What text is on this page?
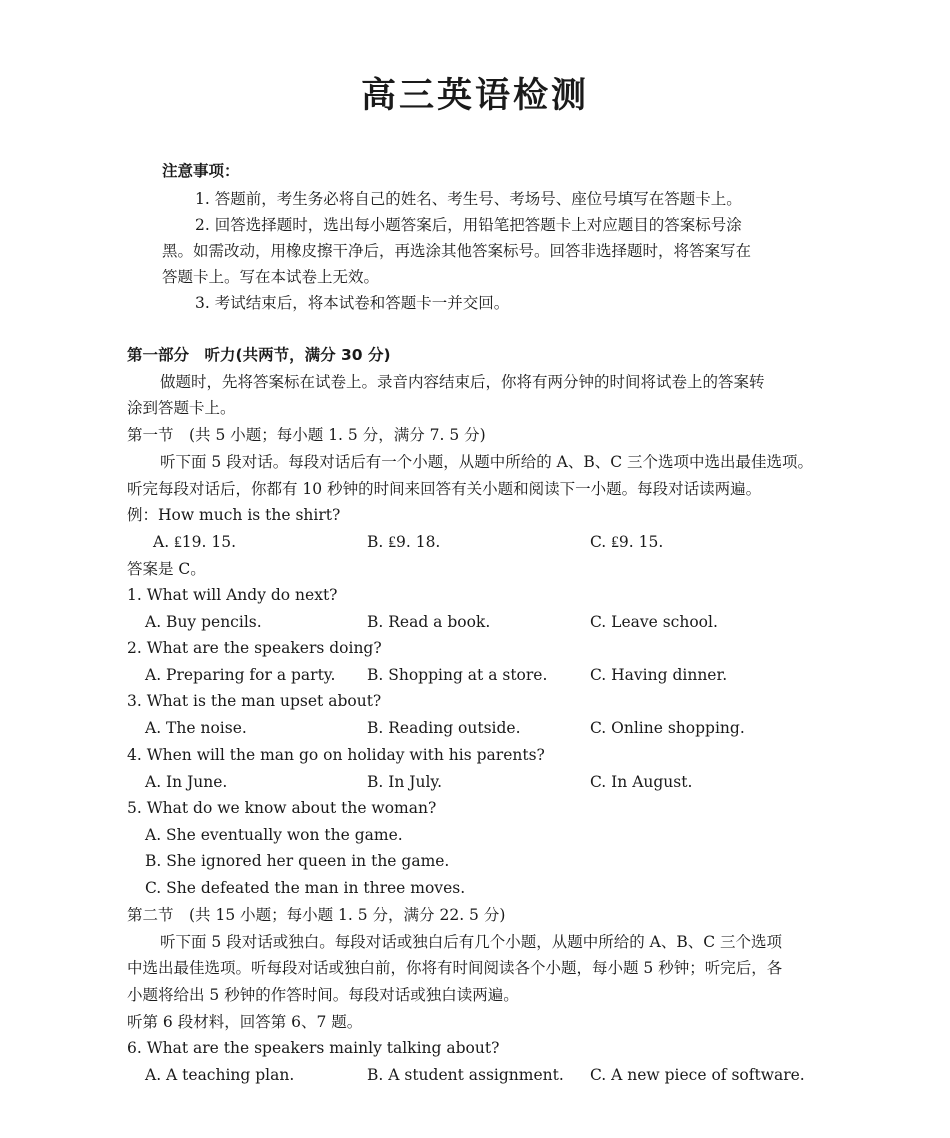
高三英语检测
注意事项：
1. 答题前，考生务必将自己的姓名、考生号、考场号、座位号填写在答题卡上。
2. 回答选择题时，选出每小题答案后，用铅笔把答题卡上对应题目的答案标号涂
黑。如需改动，用橡皮擦干净后，再选涂其他答案标号。回答非选择题时，将答案写在
答题卡上。写在本试卷上无效。
3. 考试结束后，将本试卷和答题卡一并交回。
第一部分　听力(共两节，满分 30 分)
做题时，先将答案标在试卷上。录音内容结束后，你将有两分钟的时间将试卷上的答案转
涂到答题卡上。
第一节　(共 5 小题；每小题 1. 5 分，满分 7. 5 分)
听下面 5 段对话。每段对话后有一个小题，从题中所给的 A、B、C 三个选项中选出最佳选项。
听完每段对话后，你都有 10 秒钟的时间来回答有关小题和阅读下一小题。每段对话读两遍。
例：How much is the shirt?
A. ₤19. 15.	B. ₤9. 18.	C. ₤9. 15.
答案是 C。
1. What will Andy do next?
A. Buy pencils.	B. Read a book.	C. Leave school.
2. What are the speakers doing?
A. Preparing for a party. B. Shopping at a store.	C. Having dinner.
3. What is the man upset about?
A. The noise.	B. Reading outside.	C. Online shopping.
4. When will the man go on holiday with his parents?
A. In June.	B. In July.	C. In August.
5. What do we know about the woman?
A. She eventually won the game.
B. She ignored her queen in the game.
C. She defeated the man in three moves.
第二节　(共 15 小题；每小题 1. 5 分，满分 22. 5 分)
听下面 5 段对话或独白。每段对话或独白后有几个小题，从题中所给的 A、B、C 三个选项
中选出最佳选项。听每段对话或独白前，你将有时间阅读各个小题，每小题 5 秒钟；听完后，各
小题将给出 5 秒钟的作答时间。每段对话或独白读两遍。
听第 6 段材料，回答第 6、7 题。
6. What are the speakers mainly talking about?
A. A teaching plan.	B. A student assignment. C. A new piece of software.
